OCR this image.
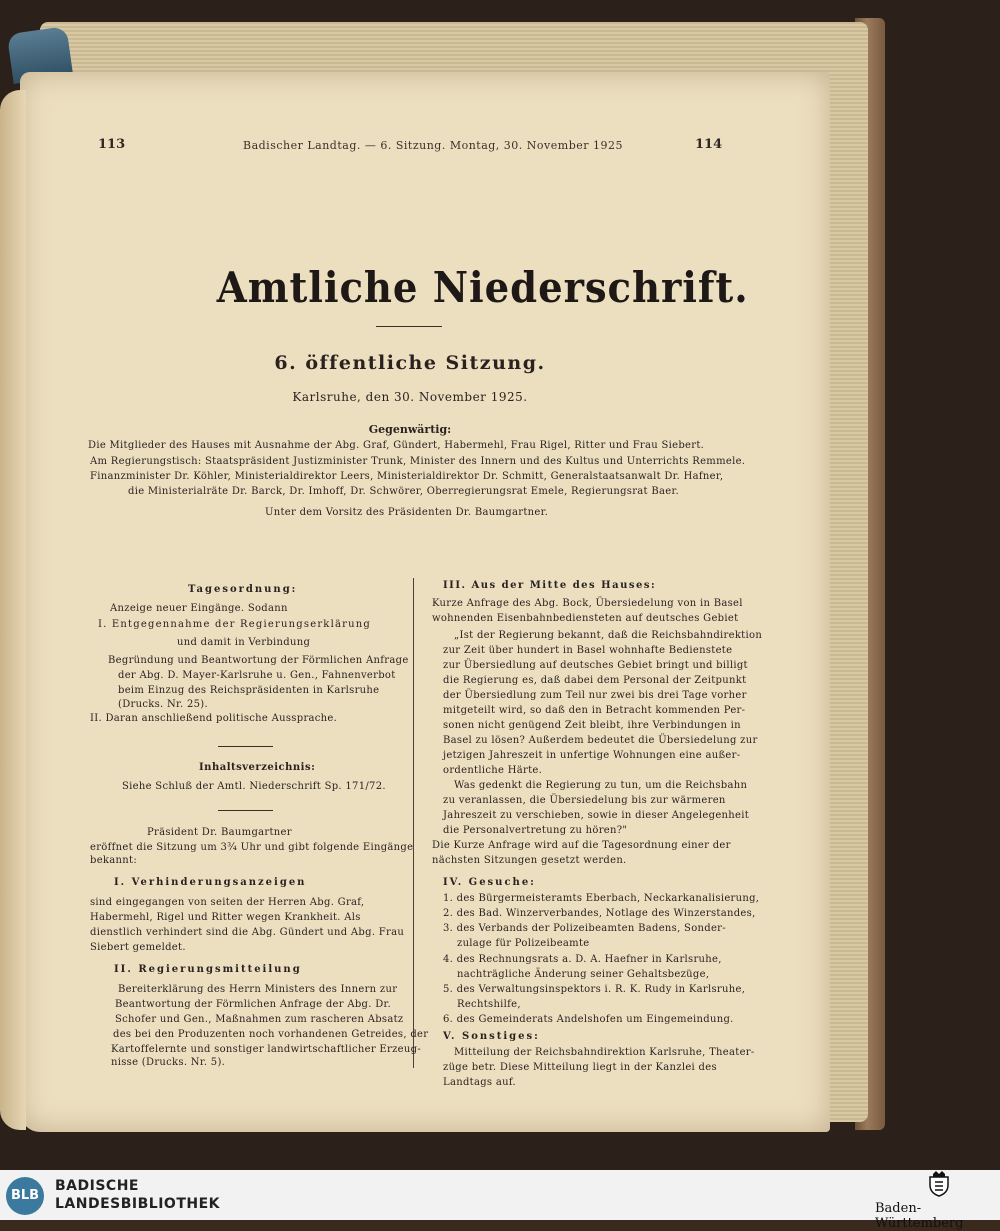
113	Badischer Landtag. — 6. Sitzung. Montag, 30. November 1925	114
Amtliche Niederschrift.
6. öffentliche Sitzung.
Karlsruhe, den 30. November 1925.
Gegenwärtig:
Die Mitglieder des Hauses mit Ausnahme der Abg. Graf, Gündert, Habermehl, Frau Rigel, Ritter und Frau Siebert.
Am Regierungstisch: Staatspräsident Justizminister Trunk, Minister des Innern und des Kultus und Unterrichts Remmele.
Finanzminister Dr. Köhler, Ministerialdirektor Leers, Ministerialdirektor Dr. Schmitt, Generalstaatsanwalt Dr. Hafner,
die Ministerialräte Dr. Barck, Dr. Imhoff, Dr. Schwörer, Oberregierungsrat Emele, Regierungsrat Baer.
Unter dem Vorsitz des Präsidenten Dr. Baumgartner.
Tagesordnung:
Anzeige neuer Eingänge. Sodann
I. Entgegennahme der Regierungserklärung
und damit in Verbindung
Begründung und Beantwortung der Förmlichen Anfrage
der Abg. D. Mayer-Karlsruhe u. Gen., Fahnenverbot
beim Einzug des Reichspräsidenten in Karlsruhe
(Drucks. Nr. 25).
II. Daran anschließend politische Aussprache.
Inhaltsverzeichnis:
Siehe Schluß der Amtl. Niederschrift Sp. 171/72.
Präsident Dr. Baumgartner
eröffnet die Sitzung um 3¾ Uhr und gibt folgende Eingänge
bekannt:
I. Verhinderungsanzeigen
sind eingegangen von seiten der Herren Abg. Graf,
Habermehl, Rigel und Ritter wegen Krankheit. Als
dienstlich verhindert sind die Abg. Gündert und Abg. Frau
Siebert gemeldet.
II. Regierungsmitteilung
Bereiterklärung des Herrn Ministers des Innern zur
Beantwortung der Förmlichen Anfrage der Abg. Dr.
Schofer und Gen., Maßnahmen zum rascheren Absatz
des bei den Produzenten noch vorhandenen Getreides, der
Kartoffelernte und sonstiger landwirtschaftlicher Erzeug-
nisse (Drucks. Nr. 5).
III. Aus der Mitte des Hauses:
Kurze Anfrage des Abg. Bock, Übersiedelung von in Basel
wohnenden Eisenbahnbediensteten auf deutsches Gebiet
„Ist der Regierung bekannt, daß die Reichsbahndirektion
zur Zeit über hundert in Basel wohnhafte Bedienstete
zur Übersiedlung auf deutsches Gebiet bringt und billigt
die Regierung es, daß dabei dem Personal der Zeitpunkt
der Übersiedlung zum Teil nur zwei bis drei Tage vorher
mitgeteilt wird, so daß den in Betracht kommenden Per-
sonen nicht genügend Zeit bleibt, ihre Verbindungen in
Basel zu lösen? Außerdem bedeutet die Übersiedelung zur
jetzigen Jahreszeit in unfertige Wohnungen eine außer-
ordentliche Härte.
Was gedenkt die Regierung zu tun, um die Reichsbahn
zu veranlassen, die Übersiedelung bis zur wärmeren
Jahreszeit zu verschieben, sowie in dieser Angelegenheit
die Personalvertretung zu hören?"
Die Kurze Anfrage wird auf die Tagesordnung einer der
nächsten Sitzungen gesetzt werden.
IV. Gesuche:
1. des Bürgermeisteramts Eberbach, Neckarkanalisierung,
2. des Bad. Winzerverbandes, Notlage des Winzerstandes,
3. des Verbands der Polizeibeamten Badens, Sonder-
zulage für Polizeibeamte
4. des Rechnungsrats a. D. A. Haefner in Karlsruhe,
nachträgliche Änderung seiner Gehaltsbezüge,
5. des Verwaltungsinspektors i. R. K. Rudy in Karlsruhe,
Rechtshilfe,
6. des Gemeinderats Andelshofen um Eingemeindung.
V. Sonstiges:
Mitteilung der Reichsbahndirektion Karlsruhe, Theater-
züge betr. Diese Mitteilung liegt in der Kanzlei des
Landtags auf.
BLB
BADISCHE
LANDESBIBLIOTHEK	Baden-Württemberg
